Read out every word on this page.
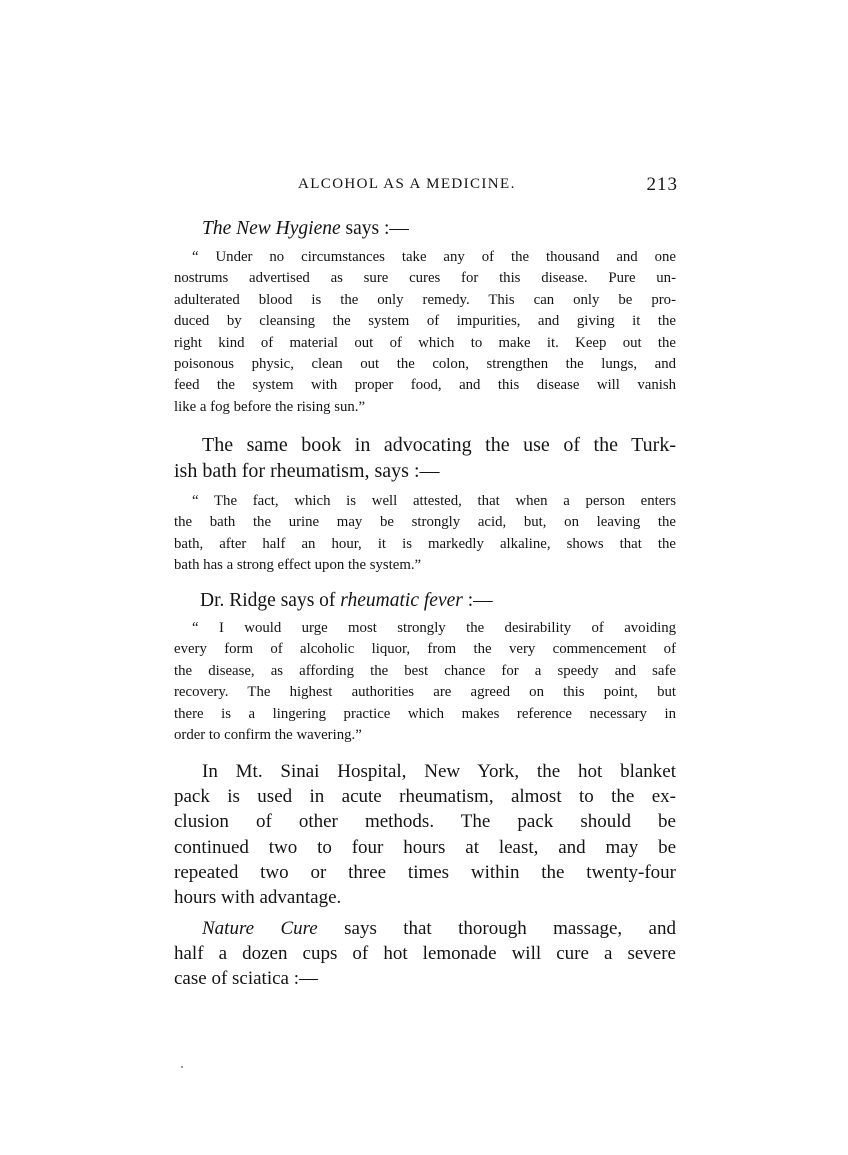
ALCOHOL AS A MEDICINE.	213
The New Hygiene says :—
“ Under no circumstances take any of the thousand and one
nostrums advertised as sure cures for this disease. Pure un-
adulterated blood is the only remedy. This can only be pro-
duced by cleansing the system of impurities, and giving it the
right kind of material out of which to make it. Keep out the
poisonous physic, clean out the colon, strengthen the lungs, and
feed the system with proper food, and this disease will vanish
like a fog before the rising sun.”
The same book in advocating the use of the Turk-
ish bath for rheumatism, says :—
“ The fact, which is well attested, that when a person enters
the bath the urine may be strongly acid, but, on leaving the
bath, after half an hour, it is markedly alkaline, shows that the
bath has a strong effect upon the system.”
Dr. Ridge says of rheumatic fever :—
“ I would urge most strongly the desirability of avoiding
every form of alcoholic liquor, from the very commencement of
the disease, as affording the best chance for a speedy and safe
recovery. The highest authorities are agreed on this point, but
there is a lingering practice which makes reference necessary in
order to confirm the wavering.”
In Mt. Sinai Hospital, New York, the hot blanket
pack is used in acute rheumatism, almost to the ex-
clusion of other methods. The pack should be
continued two to four hours at least, and may be
repeated two or three times within the twenty-four
hours with advantage.
Nature Cure says that thorough massage, and
half a dozen cups of hot lemonade will cure a severe
case of sciatica :—
